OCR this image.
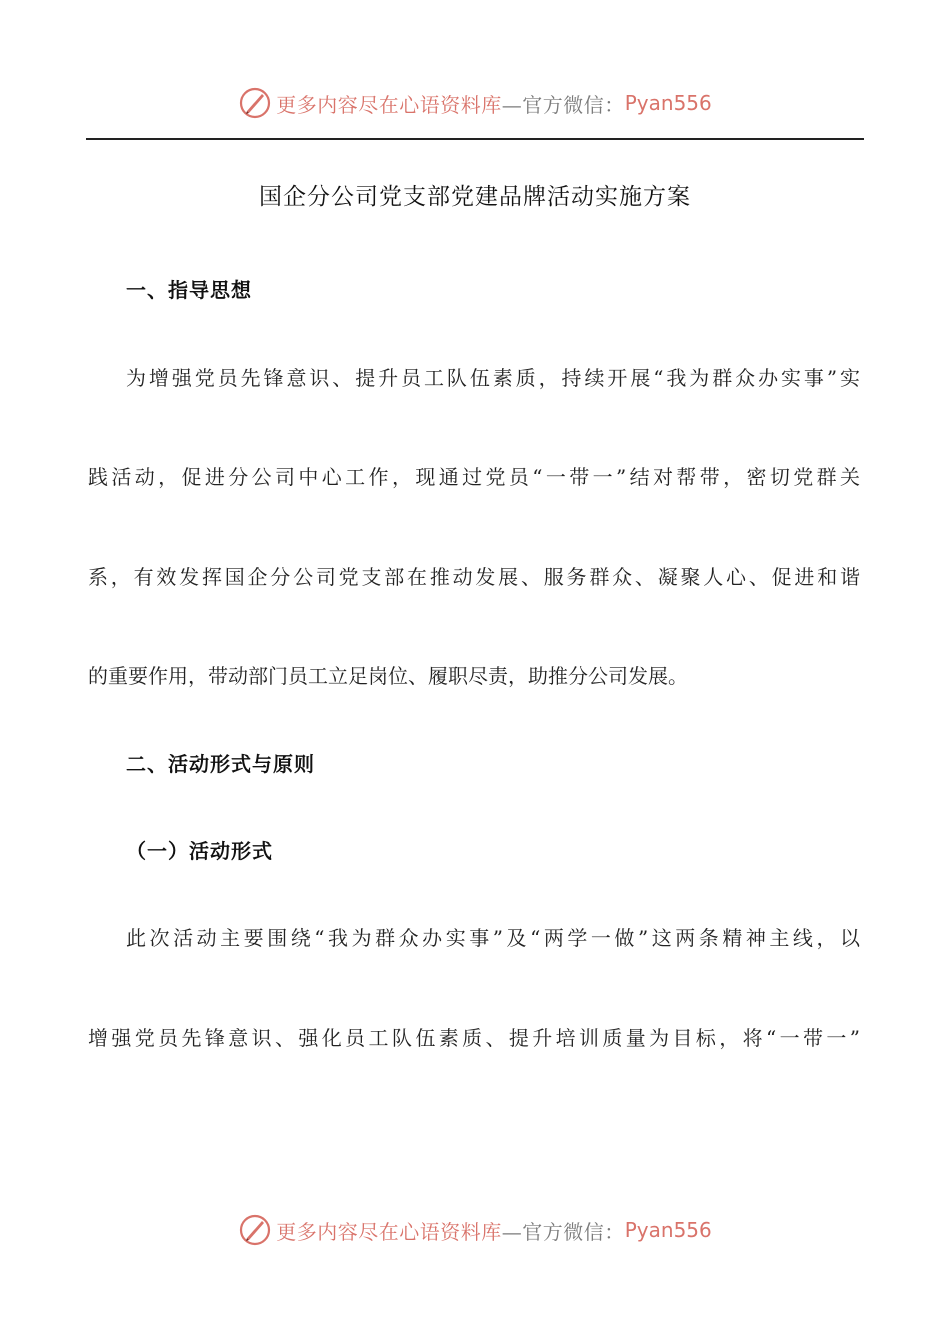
更多内容尽在心语资料库 —官方微信： Pyan556
国企分公司党支部党建品牌活动实施方案
一、指导思想
为增强党员先锋意识、提升员工队伍素质，持续开展“我为群众办实事”实
践活动，促进分公司中心工作，现通过党员“一带一”结对帮带，密切党群关
系，有效发挥国企分公司党支部在推动发展、服务群众、凝聚人心、促进和谐
的重要作用，带动部门员工立足岗位、履职尽责，助推分公司发展。
二、活动形式与原则
（一）活动形式
此次活动主要围绕“我为群众办实事”及“两学一做”这两条精神主线，以
增强党员先锋意识、强化员工队伍素质、提升培训质量为目标，将“一带一”
更多内容尽在心语资料库 —官方微信： Pyan556
